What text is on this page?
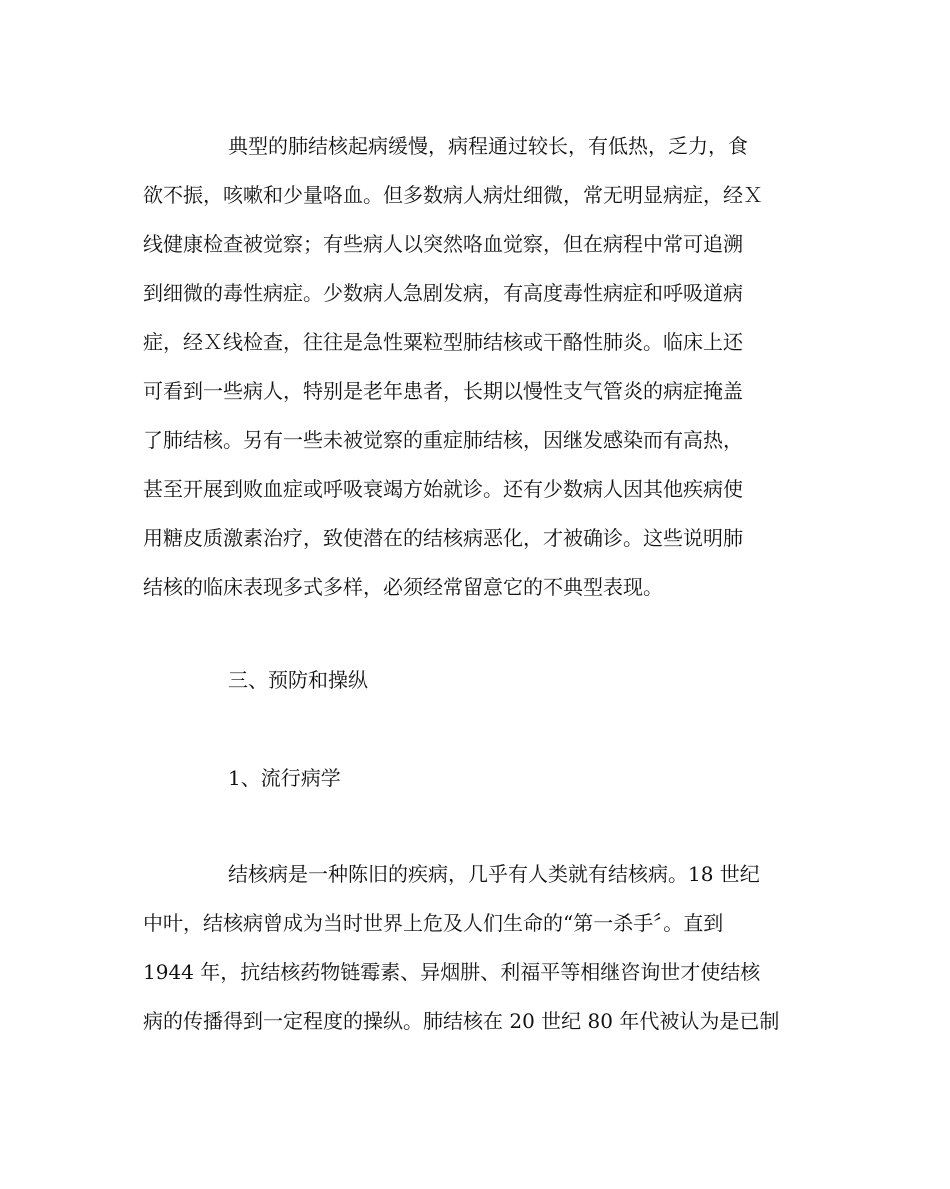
典型的肺结核起病缓慢，病程通过较长，有低热，乏力，食
欲不振，咳嗽和少量咯血。但多数病人病灶细微，常无明显病症，经Ｘ
线健康检查被觉察；有些病人以突然咯血觉察，但在病程中常可追溯
到细微的毒性病症。少数病人急剧发病，有高度毒性病症和呼吸道病
症，经Ｘ线检查，往往是急性粟粒型肺结核或干酪性肺炎。临床上还
可看到一些病人，特别是老年患者，长期以慢性支气管炎的病症掩盖
了肺结核。另有一些未被觉察的重症肺结核，因继发感染而有高热，
甚至开展到败血症或呼吸衰竭方始就诊。还有少数病人因其他疾病使
用糖皮质激素治疗，致使潜在的结核病恶化，才被确诊。这些说明肺
结核的临床表现多式多样，必须经常留意它的不典型表现。
三、预防和操纵
1、流行病学
结核病是一种陈旧的疾病，几乎有人类就有结核病。18 世纪
中叶，结核病曾成为当时世界上危及人们生命的“第一杀手〞。直到
1944 年，抗结核药物链霉素、异烟肼、利福平等相继咨询世才使结核
病的传播得到一定程度的操纵。肺结核在 20 世纪 80 年代被认为是已制
